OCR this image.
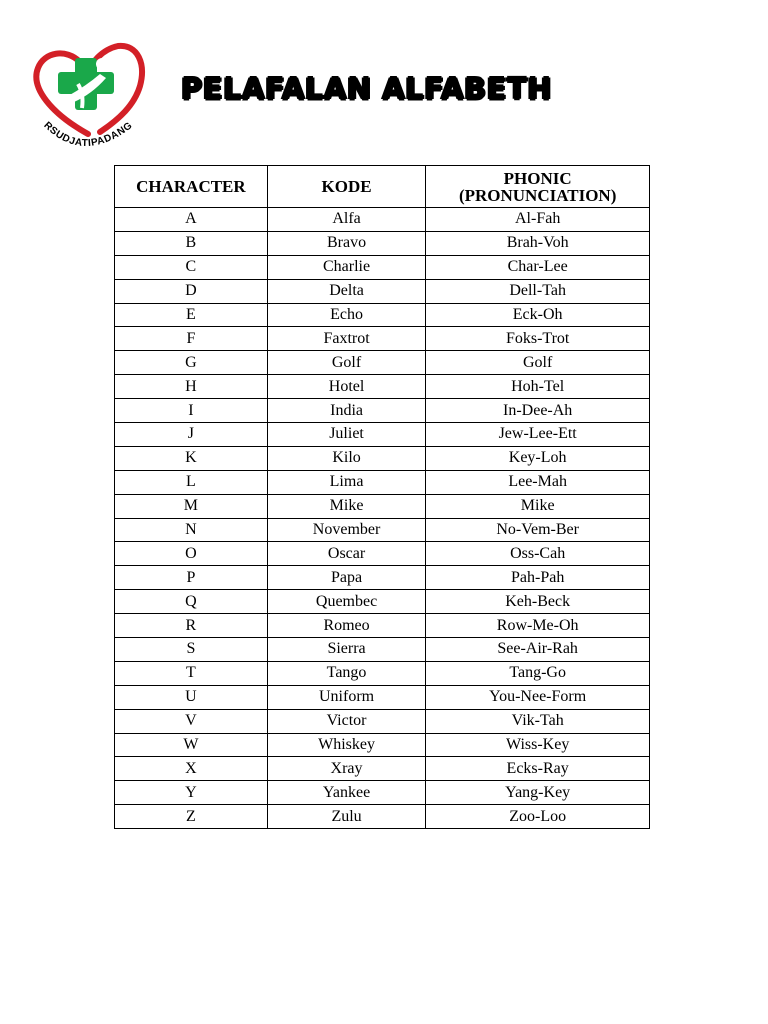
RSUDJATIPADANG
PELAFALAN ALFABETH
CHARACTER	KODE	PHONIC
(PRONUNCIATION)
A	Alfa	Al-Fah
B	Bravo	Brah-Voh
C	Charlie	Char-Lee
D	Delta	Dell-Tah
E	Echo	Eck-Oh
F	Faxtrot	Foks-Trot
G	Golf	Golf
H	Hotel	Hoh-Tel
I	India	In-Dee-Ah
J	Juliet	Jew-Lee-Ett
K	Kilo	Key-Loh
L	Lima	Lee-Mah
M	Mike	Mike
N	November	No-Vem-Ber
O	Oscar	Oss-Cah
P	Papa	Pah-Pah
Q	Quembec	Keh-Beck
R	Romeo	Row-Me-Oh
S	Sierra	See-Air-Rah
T	Tango	Tang-Go
U	Uniform	You-Nee-Form
V	Victor	Vik-Tah
W	Whiskey	Wiss-Key
X	Xray	Ecks-Ray
Y	Yankee	Yang-Key
Z	Zulu	Zoo-Loo
